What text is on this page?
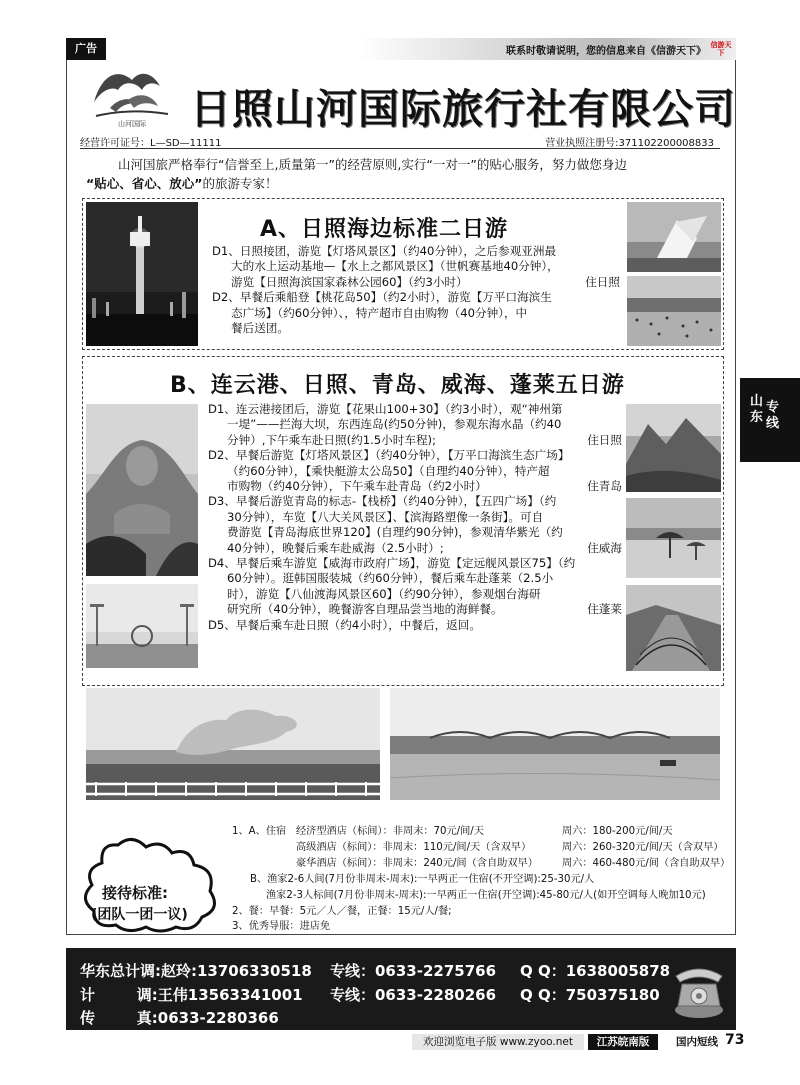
广告	联系时敬请说明，您的信息来自《信游天下》
信游天下
山河国际 日照山河国际旅行社有限公司
经营许可证号：L—SD—11111	营业执照注册号:371102200008833
山河国旅严格奉行“信誉至上,质量第一”的经营原则,实行“一对一”的贴心服务，努力做您身边
“贴心、省心、放心”的旅游专家！
A、日照海边标准二日游

D1、日照接团，游览【灯塔风景区】（约40分钟），之后参观亚洲最

大的水上运动基地—【水上之都风景区】（世帆赛基地40分钟），

游览【日照海滨国家森林公园60】（约3小时）	住日照

D2、早餐后乘船登【桃花岛50】（约2小时），游览【万平口海滨生

态广场】（约60分钟）、，特产超市自由购物（40分钟），中

餐后送团。

B、连云港、日照、青岛、威海、蓬莱五日游

D1、连云港接团后，游览【花果山100+30】（约3小时），观“神州第

一堤”——拦海大坝，东西连岛(约50分钟)，参观东海水晶（约40

分钟）,下午乘车赴日照(约1.5小时车程);	住日照

D2、早餐后游览【灯塔风景区】（约40分钟），【万平口海滨生态广场】

（约60分钟），【乘快艇游太公岛50】（自理约40分钟），特产超

市购物（约40分钟），下午乘车赴青岛（约2小时）	住青岛

D3、早餐后游览青岛的标志-【栈桥】（约40分钟），【五四广场】（约

30分钟），车览【八大关风景区】、【滨海路塑像一条街】。可自

费游览【青岛海底世界120】(自理约90分钟)，参观清华紫光（约

40分钟），晚餐后乘车赴威海（2.5小时）;	住威海

D4、早餐后乘车游览【威海市政府广场】，游览【定远舰风景区75】（约

60分钟）。逛韩国服装城（约60分钟），餐后乘车赴蓬莱（2.5小

时），游览【八仙渡海风景区60】（约90分钟），参观烟台海研

研究所（40分钟），晚餐游客自理品尝当地的海鲜餐。	住蓬莱

D5、早餐后乘车赴日照（约4小时），中餐后，返回。

接待标准:
(团队一团一议)
1、A、住宿 经济型酒店（标间）：非周末：70元/间/天	周六：180-200元/间/天
高级酒店（标间）：非周末：110元/间/天（含双早）	周六：260-320元/间/天（含双早）
豪华酒店（标间）：非周末：240元/间（含自助双早） 周六：460-480元/间（含自助双早）
B、渔家2-6人间(7月份非周末-周末):一早两正一住宿(不开空调):25-30元/人
渔家2-3人标间(7月份非周末-周末):一早两正一住宿(开空调):45-80元/人(如开空调每人晚加10元)
2、餐：早餐：5元／人／餐，正餐：15元/人/餐;
3、优秀导服：进店免
华东总计调:赵玲:13706330518 专线：0633-2275766 Q Q：1638005878
计        调:王伟13563341001 专线：0633-2280266 Q Q：750375180
传        真:0633-2280366
欢迎浏览电子版 www.zyoo.net	江苏皖南版	国内短线 73
山东
专线
